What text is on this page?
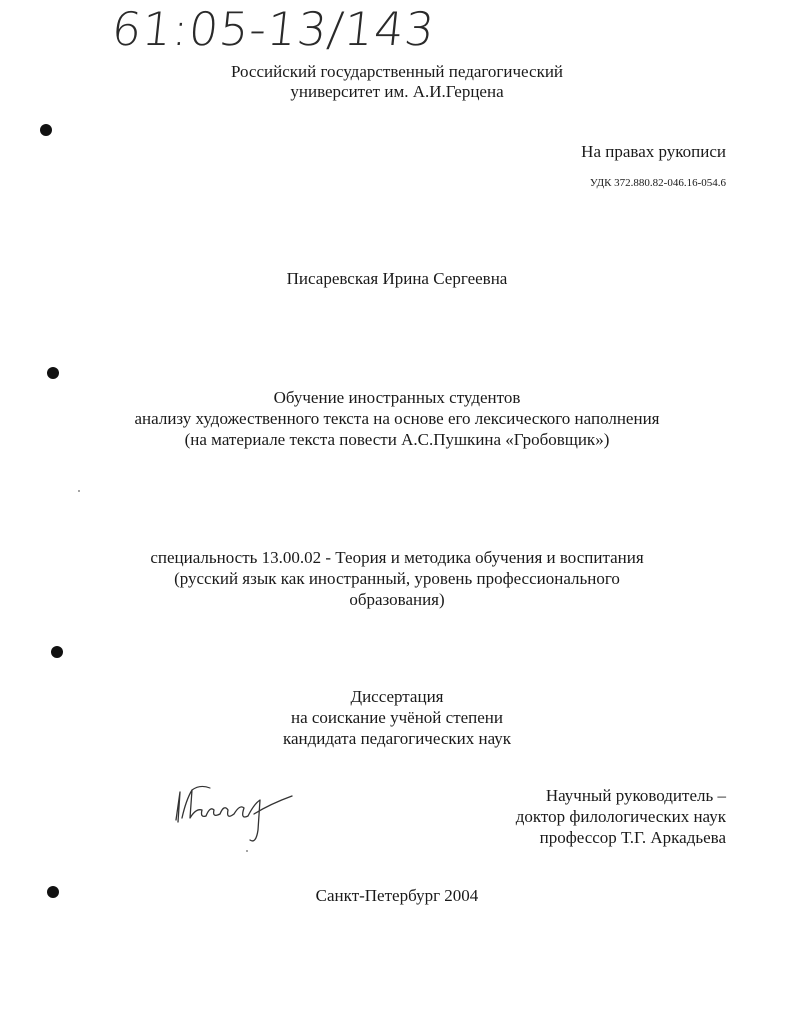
61:05-13/143
Российский государственный педагогический
университет им. А.И.Герцена
На правах рукописи
УДК 372.880.82-046.16-054.6
Писаревская Ирина Сергеевна
Обучение иностранных студентов
анализу художественного текста на основе его лексического наполнения
(на материале текста повести А.С.Пушкина «Гробовщик»)
специальность 13.00.02 - Теория и методика обучения и воспитания
(русский язык как иностранный, уровень профессионального
образования)
Диссертация
на соискание учёной степени
кандидата педагогических наук
Научный руководитель –
доктор филологических наук
профессор Т.Г. Аркадьева
Санкт-Петербург 2004
